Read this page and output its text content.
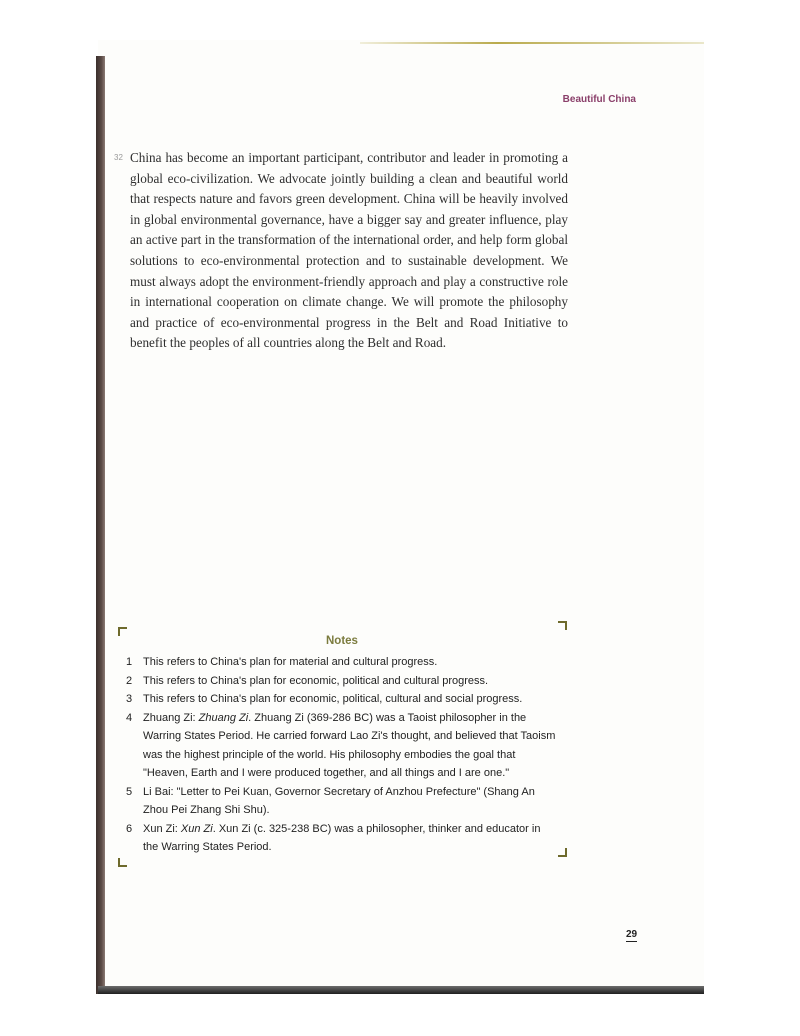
Beautiful China
32 China has become an important participant, contributor and leader in promoting a global eco-civilization. We advocate jointly building a clean and beautiful world that respects nature and favors green development. China will be heavily involved in global environmental governance, have a bigger say and greater influence, play an active part in the transformation of the international order, and help form global solutions to eco-environmental protection and to sustainable development. We must always adopt the environment-friendly approach and play a constructive role in international cooperation on climate change. We will promote the philosophy and practice of eco-environmental progress in the Belt and Road Initiative to benefit the peoples of all countries along the Belt and Road.

Notes
1 This refers to China's plan for material and cultural progress.
2 This refers to China's plan for economic, political and cultural progress.
3 This refers to China's plan for economic, political, cultural and social progress.
4 Zhuang Zi: Zhuang Zi. Zhuang Zi (369-286 BC) was a Taoist philosopher in the Warring States Period. He carried forward Lao Zi's thought, and believed that Taoism was the highest principle of the world. His philosophy embodies the goal that "Heaven, Earth and I were produced together, and all things and I are one."
5 Li Bai: "Letter to Pei Kuan, Governor Secretary of Anzhou Prefecture" (Shang An Zhou Pei Zhang Shi Shu).
6 Xun Zi: Xun Zi. Xun Zi (c. 325-238 BC) was a philosopher, thinker and educator in the Warring States Period.
29
